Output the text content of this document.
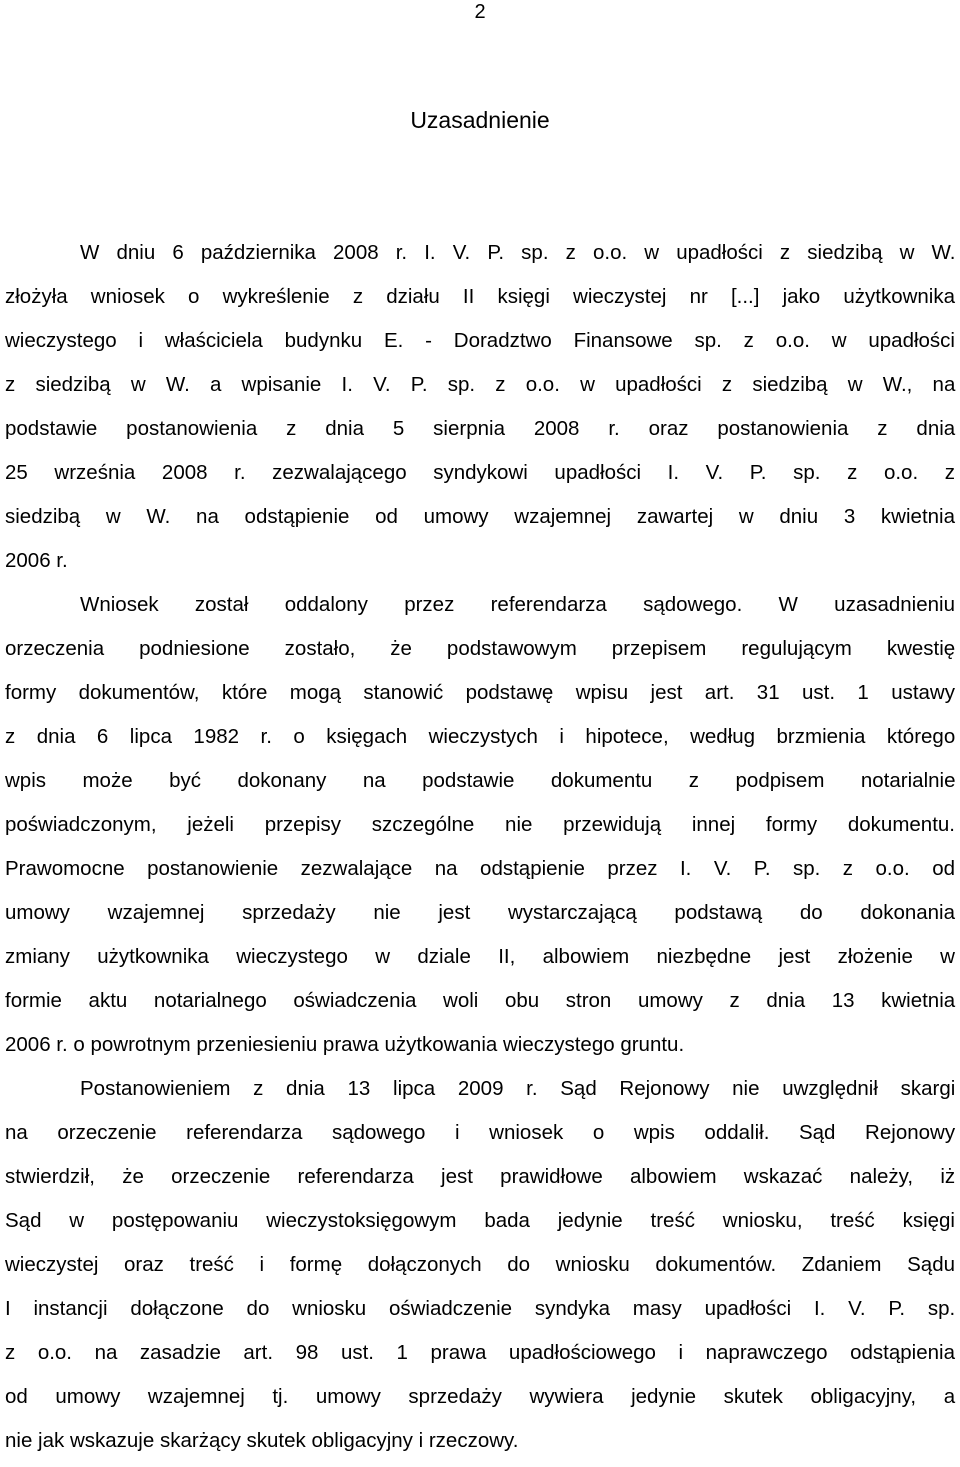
2
Uzasadnienie
W dniu 6 października 2008 r. I. V. P. sp. z o.o. w upadłości z siedzibą w W.
złożyła wniosek o wykreślenie z działu II księgi wieczystej nr [...] jako użytkownika
wieczystego i właściciela budynku E. - Doradztwo Finansowe sp. z o.o. w upadłości
z siedzibą w W. a wpisanie I. V. P. sp. z o.o. w upadłości z siedzibą w W., na
podstawie postanowienia z dnia 5 sierpnia 2008 r. oraz postanowienia z dnia
25 września 2008 r. zezwalającego syndykowi upadłości I. V. P. sp. z o.o. z
siedzibą w W. na odstąpienie od umowy wzajemnej zawartej w dniu 3 kwietnia
2006 r.
Wniosek został oddalony przez referendarza sądowego. W uzasadnieniu
orzeczenia podniesione zostało, że podstawowym przepisem regulującym kwestię
formy dokumentów, które mogą stanowić podstawę wpisu jest art. 31 ust. 1 ustawy
z dnia 6 lipca 1982 r. o księgach wieczystych i hipotece, według brzmienia którego
wpis może być dokonany na podstawie dokumentu z podpisem notarialnie
poświadczonym, jeżeli przepisy szczególne nie przewidują innej formy dokumentu.
Prawomocne postanowienie zezwalające na odstąpienie przez I. V. P. sp. z o.o. od
umowy wzajemnej sprzedaży nie jest wystarczającą podstawą do dokonania
zmiany użytkownika wieczystego w dziale II, albowiem niezbędne jest złożenie w
formie aktu notarialnego oświadczenia woli obu stron umowy z dnia 13 kwietnia
2006 r. o powrotnym przeniesieniu prawa użytkowania wieczystego gruntu.
Postanowieniem z dnia 13 lipca 2009 r. Sąd Rejonowy nie uwzględnił skargi
na orzeczenie referendarza sądowego i wniosek o wpis oddalił. Sąd Rejonowy
stwierdził, że orzeczenie referendarza jest prawidłowe albowiem wskazać należy, iż
Sąd w postępowaniu wieczystoksięgowym bada jedynie treść wniosku, treść księgi
wieczystej oraz treść i formę dołączonych do wniosku dokumentów. Zdaniem Sądu
I instancji dołączone do wniosku oświadczenie syndyka masy upadłości I. V. P. sp.
z o.o. na zasadzie art. 98 ust. 1 prawa upadłościowego i naprawczego odstąpienia
od umowy wzajemnej tj. umowy sprzedaży wywiera jedynie skutek obligacyjny, a
nie jak wskazuje skarżący skutek obligacyjny i rzeczowy.
